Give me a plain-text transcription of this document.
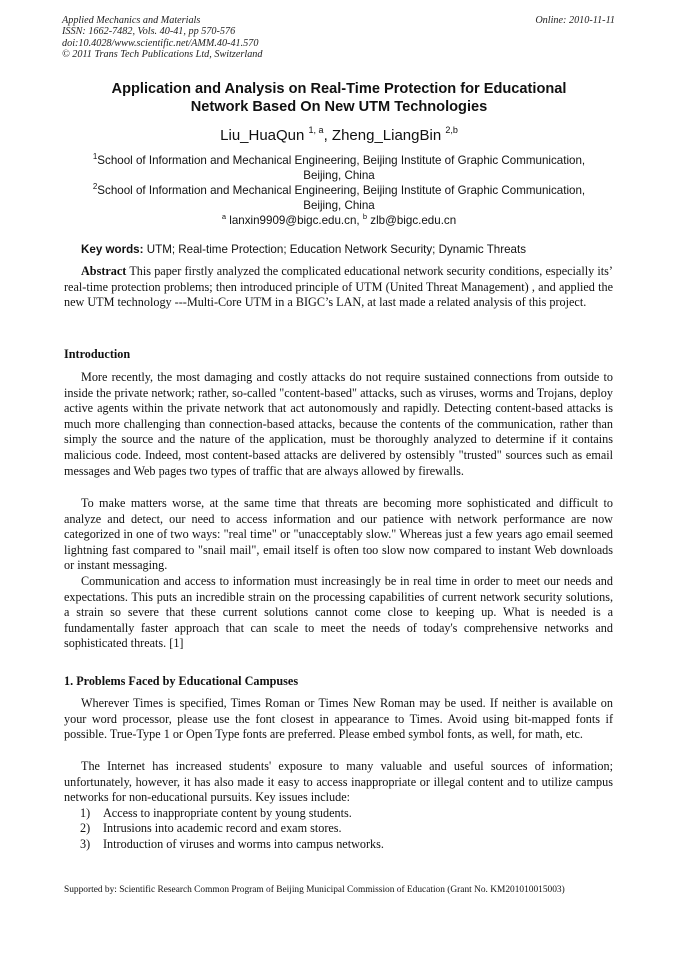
Applied Mechanics and Materials
ISSN: 1662-7482, Vols. 40-41, pp 570-576
doi:10.4028/www.scientific.net/AMM.40-41.570
© 2011 Trans Tech Publications Ltd, Switzerland
Online: 2010-11-11
Application and Analysis on Real-Time Protection for Educational
Network Based On New UTM Technologies
Liu_HuaQun $^{1, a}$, Zheng_LiangBin $^{2,b}$
$^1$School of Information and Mechanical Engineering, Beijing Institute of Graphic Communication,
Beijing, China
$^2$School of Information and Mechanical Engineering, Beijing Institute of Graphic Communication,
Beijing, China
$^a$ lanxin9909@bigc.edu.cn, $^b$ zlb@bigc.edu.cn
Key words: UTM; Real-time Protection; Education Network Security; Dynamic Threats

Abstract This paper firstly analyzed the complicated educational network security conditions, especially its’ real-time protection problems; then introduced principle of UTM (United Threat Management) , and applied the new UTM technology ---Multi-Core UTM in a BIGC’s LAN, at last made a related analysis of this project.

Introduction

More recently, the most damaging and costly attacks do not require sustained connections from outside to inside the private network; rather, so-called "content-based" attacks, such as viruses, worms and Trojans, deploy active agents within the private network that act autonomously and rapidly. Detecting content-based attacks is much more challenging than connection-based attacks, because the contents of the communication, rather than simply the source and the nature of the application, must be thoroughly analyzed to determine if it contains malicious code. Indeed, most content-based attacks are delivered by ostensibly "trusted" sources such as email messages and Web pages two types of traffic that are always allowed by firewalls.

To make matters worse, at the same time that threats are becoming more sophisticated and difficult to analyze and detect, our need to access information and our patience with network performance are now categorized in one of two ways: "real time" or "unacceptably slow." Whereas just a few years ago email seemed lightning fast compared to "snail mail", email itself is often too slow now compared to instant Web downloads or instant messaging.

Communication and access to information must increasingly be in real time in order to meet our needs and expectations. This puts an incredible strain on the processing capabilities of current network security solutions, a strain so severe that these current solutions cannot come close to keeping up. What is needed is a fundamentally faster approach that can scale to meet the needs of today's comprehensive networks and sophisticated threats. [1]

1. Problems Faced by Educational Campuses

Wherever Times is specified, Times Roman or Times New Roman may be used. If neither is available on your word processor, please use the font closest in appearance to Times. Avoid using bit-mapped fonts if possible. True-Type 1 or Open Type fonts are preferred. Please embed symbol fonts, as well, for math, etc.

The Internet has increased students' exposure to many valuable and useful sources of information; unfortunately, however, it has also made it easy to access inappropriate or illegal content and to utilize campus networks for non-educational pursuits. Key issues include:

1)	Access to inappropriate content by young students.
2)	Intrusions into academic record and exam stores.
3)	Introduction of viruses and worms into campus networks.
Supported by: Scientific Research Common Program of Beijing Municipal Commission of Education (Grant No. KM201010015003)
